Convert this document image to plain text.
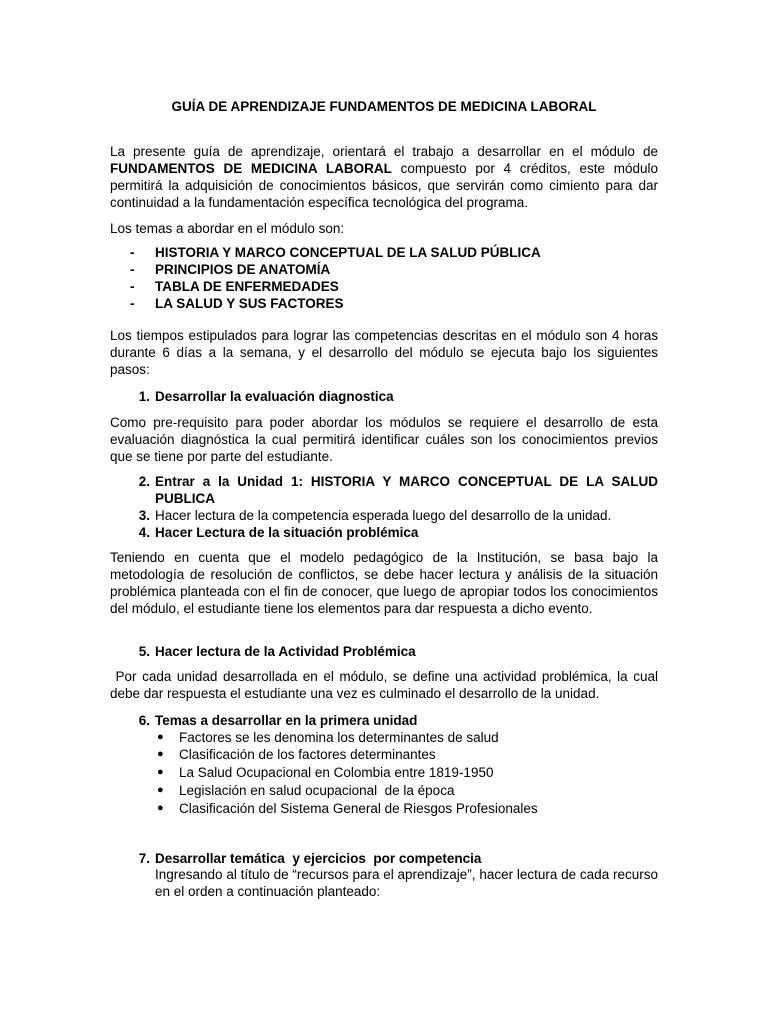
GUÍA DE APRENDIZAJE FUNDAMENTOS DE MEDICINA LABORAL
La presente guía de aprendizaje, orientará el trabajo a desarrollar en el módulo de FUNDAMENTOS DE MEDICINA LABORAL compuesto por 4 créditos, este módulo permitirá la adquisición de conocimientos básicos, que servirán como cimiento para dar continuidad a la fundamentación específica tecnológica del programa.
Los temas a abordar en el módulo son:
- HISTORIA Y MARCO CONCEPTUAL DE LA SALUD PÚBLICA
- PRINCIPIOS DE ANATOMÍA
- TABLA DE ENFERMEDADES
- LA SALUD Y SUS FACTORES
Los tiempos estipulados para lograr las competencias descritas en el módulo son 4 horas durante 6 días a la semana, y el desarrollo del módulo se ejecuta bajo los siguientes pasos:
1. Desarrollar la evaluación diagnostica
Como pre-requisito para poder abordar los módulos se requiere el desarrollo de esta evaluación diagnóstica la cual permitirá identificar cuáles son los conocimientos previos que se tiene por parte del estudiante.
2. Entrar a la Unidad 1: HISTORIA Y MARCO CONCEPTUAL DE LA SALUD PUBLICA
3. Hacer lectura de la competencia esperada luego del desarrollo de la unidad.
4. Hacer Lectura de la situación problémica
Teniendo en cuenta que el modelo pedagógico de la Institución, se basa bajo la metodología de resolución de conflictos, se debe hacer lectura y análisis de la situación problémica planteada con el fin de conocer, que luego de apropiar todos los conocimientos del módulo, el estudiante tiene los elementos para dar respuesta a dicho evento.
5. Hacer lectura de la Actividad Problémica
Por cada unidad desarrollada en el módulo, se define una actividad problémica, la cual debe dar respuesta el estudiante una vez es culminado el desarrollo de la unidad.
6. Temas a desarrollar en la primera unidad
● Factores se les denomina los determinantes de salud
● Clasificación de los factores determinantes
● La Salud Ocupacional en Colombia entre 1819-1950
● Legislación en salud ocupacional  de la época
● Clasificación del Sistema General de Riesgos Profesionales
7. Desarrollar temática  y ejercicios  por competencia
Ingresando al título de “recursos para el aprendizaje”, hacer lectura de cada recurso en el orden a continuación planteado:
